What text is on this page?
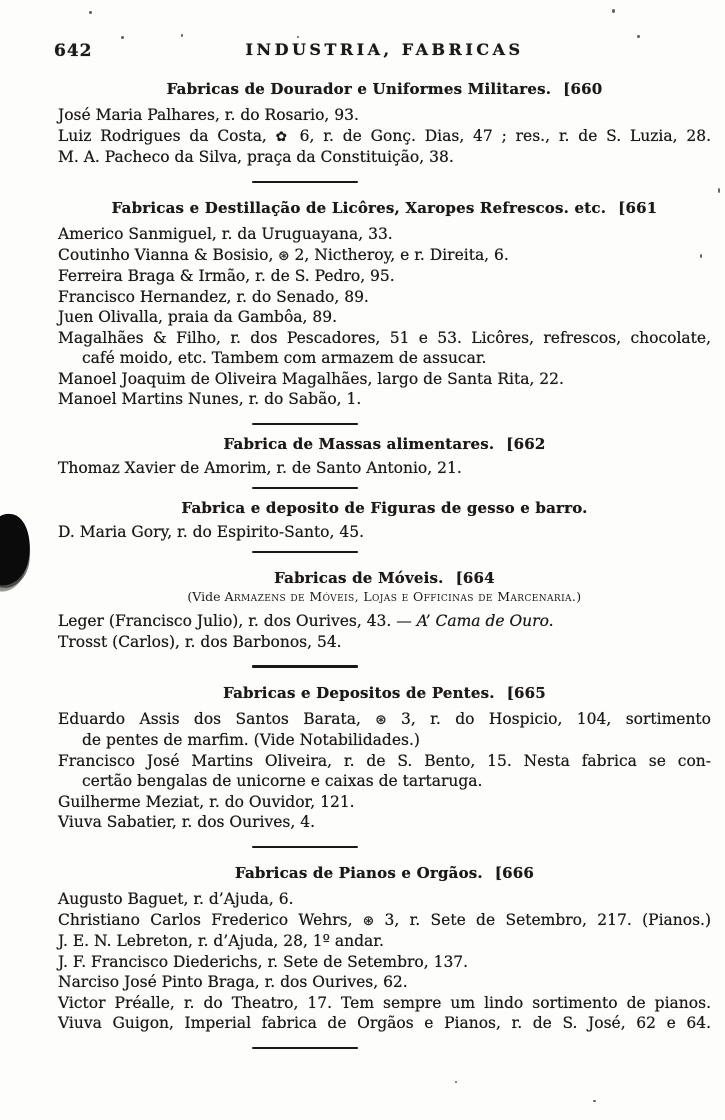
642	INDUSTRIA, FABRICAS
Fabricas de Dourador e Uniformes Militares. [660

José Maria Palhares, r. do Rosario, 93.

Luiz Rodrigues da Costa, ✿ 6, r. de Gonç. Dias, 47 ; res., r. de S. Luzia, 28.

M. A. Pacheco da Silva, praça da Constituição, 38.

Fabricas e Destillação de Licôres, Xaropes Refrescos. etc. [661

Americo Sanmiguel, r. da Uruguayana, 33.

Coutinho Vianna & Bosisio, ⊛ 2, Nictheroy, e r. Direita, 6.

Ferreira Braga & Irmão, r. de S. Pedro, 95.

Francisco Hernandez, r. do Senado, 89.

Juen Olivalla, praia da Gambôa, 89.

Magalhães & Filho, r. dos Pescadores, 51 e 53. Licôres, refrescos, chocolate,
café moido, etc. Tambem com armazem de assucar.

Manoel Joaquim de Oliveira Magalhães, largo de Santa Rita, 22.

Manoel Martins Nunes, r. do Sabão, 1.

Fabrica de Massas alimentares. [662

Thomaz Xavier de Amorim, r. de Santo Antonio, 21.

Fabrica e deposito de Figuras de gesso e barro.

D. Maria Gory, r. do Espirito-Santo, 45.

Fabricas de Móveis. [664
(Vide Armazens de Móveis, Lojas e Officinas de Marcenaria.)

Leger (Francisco Julio), r. dos Ourives, 43. — A’ Cama de Ouro.

Trosst (Carlos), r. dos Barbonos, 54.

Fabricas e Depositos de Pentes. [665

Eduardo Assis dos Santos Barata, ⊛ 3, r. do Hospicio, 104, sortimento
de pentes de marfim. (Vide Notabilidades.)

Francisco José Martins Oliveira, r. de S. Bento, 15. Nesta fabrica se con-
certão bengalas de unicorne e caixas de tartaruga.

Guilherme Meziat, r. do Ouvidor, 121.

Viuva Sabatier, r. dos Ourives, 4.

Fabricas de Pianos e Orgãos. [666

Augusto Baguet, r. d’Ajuda, 6.

Christiano Carlos Frederico Wehrs, ⊛ 3, r. Sete de Setembro, 217. (Pianos.)

J. E. N. Lebreton, r. d’Ajuda, 28, 1º andar.

J. F. Francisco Diederichs, r. Sete de Setembro, 137.

Narciso José Pinto Braga, r. dos Ourives, 62.

Victor Préalle, r. do Theatro, 17. Tem sempre um lindo sortimento de pianos.

Viuva Guigon, Imperial fabrica de Orgãos e Pianos, r. de S. José, 62 e 64.
